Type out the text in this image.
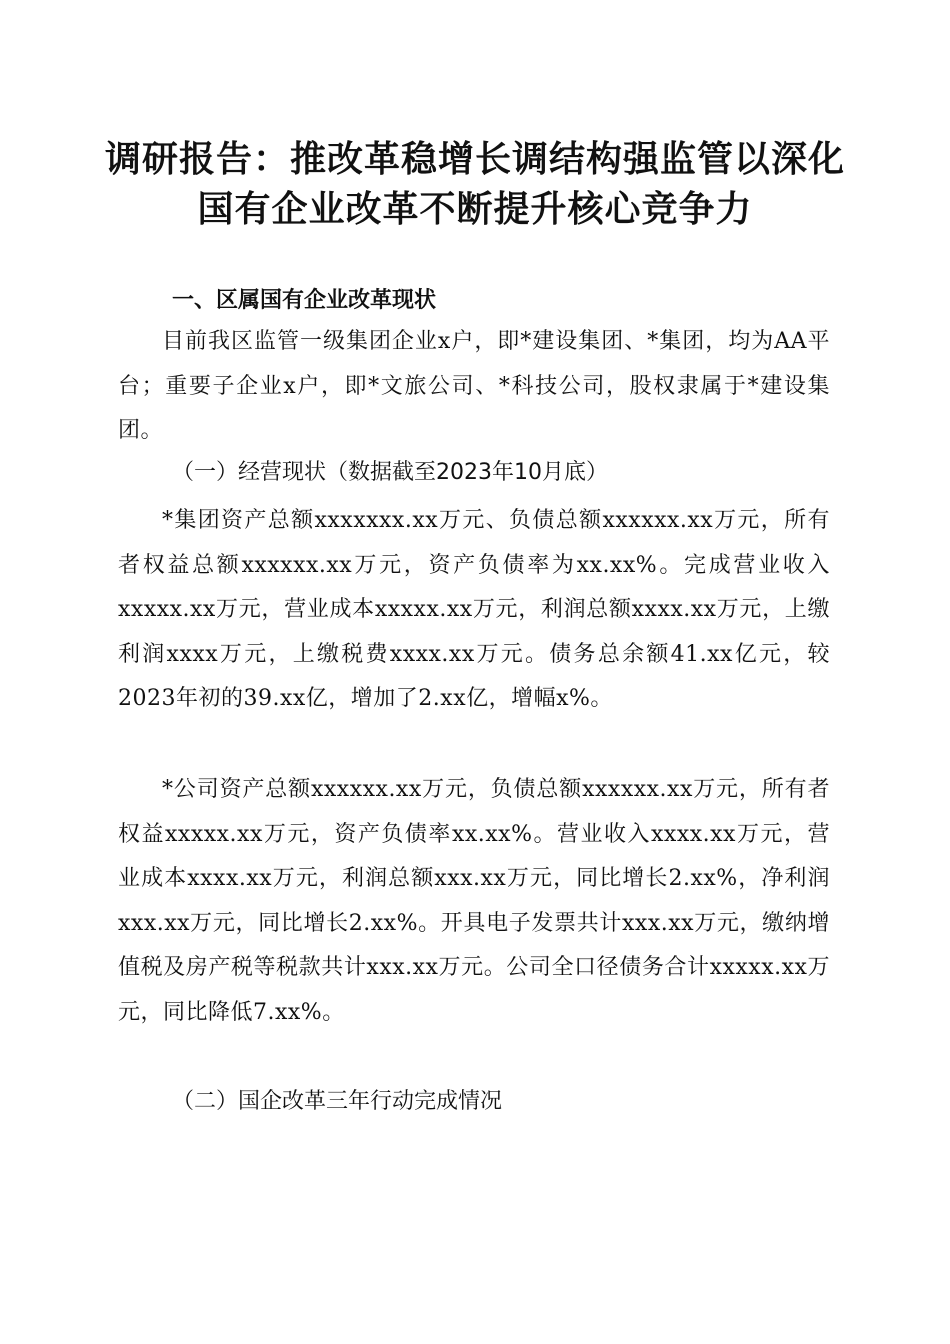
调研报告：推改革稳增长调结构强监管以深化
国有企业改革不断提升核心竞争力
一、区属国有企业改革现状

目前我区监管一级集团企业x户，即*建设集团、*集团，均为AA平台；重要子企业x户，即*文旅公司、*科技公司，股权隶属于*建设集团。

（一）经营现状（数据截至2023年10月底）

*集团资产总额xxxxxxx.xx万元、负债总额xxxxxx.xx万元，所有者权益总额xxxxxx.xx万元，资产负债率为xx.xx%。完成营业收入xxxxx.xx万元，营业成本xxxxx.xx万元，利润总额xxxx.xx万元，上缴利润xxxx万元，上缴税费xxxx.xx万元。债务总余额41.xx亿元，较2023年初的39.xx亿，增加了2.xx亿，增幅x%。

*公司资产总额xxxxxx.xx万元，负债总额xxxxxx.xx万元，所有者权益xxxxx.xx万元，资产负债率xx.xx%。营业收入xxxx.xx万元，营业成本xxxx.xx万元，利润总额xxx.xx万元，同比增长2.xx%，净利润xxx.xx万元，同比增长2.xx%。开具电子发票共计xxx.xx万元，缴纳增值税及房产税等税款共计xxx.xx万元。公司全口径债务合计xxxxx.xx万元，同比降低7.xx%。

（二）国企改革三年行动完成情况
